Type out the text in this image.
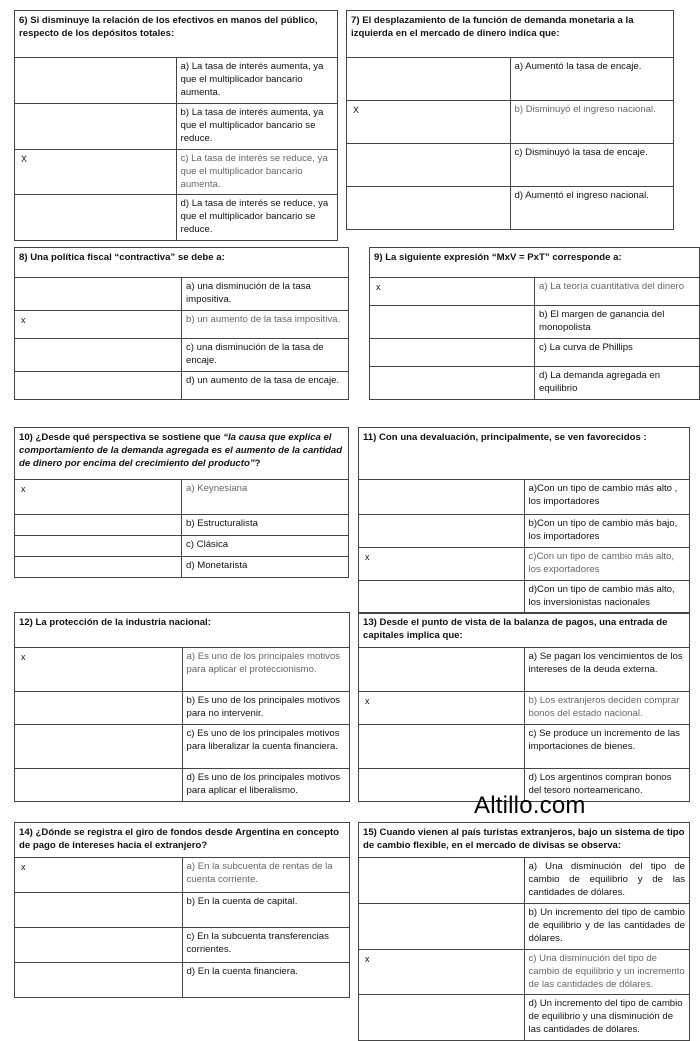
6) Si disminuye la relación de los efectivos en manos del público, respecto de los depósitos totales:	
	a) La tasa de interés aumenta, ya que el multiplicador bancario aumenta.
	b) La tasa de interés aumenta, ya que el multiplicador bancario se reduce.
X	c) La tasa de interés se reduce, ya que el multiplicador bancario aumenta.
	d) La tasa de interés se reduce, ya que el multiplicador bancario se reduce.
7) El desplazamiento de la función de demanda monetaria a la izquierda en el mercado de dinero indica que:	
	a) Aumentó la tasa de encaje.
X	b) Disminuyó el ingreso nacional.
	c) Disminuyó la tasa de encaje.
	d) Aumentó el ingreso nacional.
8) Una política fiscal “contractiva” se debe a:	
	a) una disminución de la tasa impositiva.
x	b) un aumento de la tasa impositiva.
	c) una disminución de la tasa de encaje.
	d) un aumento de la tasa de encaje.
9) La siguiente expresión “MxV = PxT” corresponde a:	
x	a) La teoría cuantitativa del dinero
	b) El margen de ganancia del monopolista
	c) La curva de Phillips
	d) La demanda agregada en equilibrio
10) ¿Desde qué perspectiva se sostiene que “la causa que explica el comportamiento de la demanda agregada es el aumento de la cantidad de dinero por encima del crecimiento del producto”?	
x	a) Keynesiana
	b) Estructuralista
	c) Clásica
	d) Monetarista
11) Con una devaluación, principalmente, se ven favorecidos :	
	a)Con un tipo de cambio más alto , los importadores
	b)Con un tipo de cambio más bajo, los importadores
x	c)Con un tipo de cambio más alto, los exportadores
	d)Con un tipo de cambio más alto, los inversionistas nacionales
12) La protección de la industria nacional:	
x	a) Es uno de los principales motivos para aplicar el proteccionismo.
	b) Es uno de los principales motivos para no intervenir.
	c) Es uno de los principales motivos para liberalizar la cuenta financiera.
	d) Es uno de los principales motivos para aplicar el liberalismo.
13) Desde el punto de vista de la balanza de pagos, una entrada de capitales implica que:	
	a) Se pagan los vencimientos de los intereses de la deuda externa.
x	b) Los extranjeros deciden comprar bonos del estado nacional.
	c) Se produce un incremento de las importaciones de bienes.
	d) Los argentinos compran bonos del tesoro norteamericano.
Altillo.com
14) ¿Dónde se registra el giro de fondos desde Argentina en concepto de pago de intereses hacia el extranjero?	
x	a) En la subcuenta de rentas de la cuenta corriente.
	b) En la cuenta de capital.
	c) En la subcuenta transferencias corrientes.
	d) En la cuenta financiera.
15) Cuando vienen al país turistas extranjeros, bajo un sistema de tipo de cambio flexible, en el mercado de divisas se observa:	
	a) Una disminución del tipo de cambio de equilibrio y de las cantidades de dólares.
	b) Un incremento del tipo de cambio de equilibrio y de las cantidades de dólares.
x	c) Una disminución del tipo de cambio de equilibrio y un incremento de las cantidades de dólares.
	d) Un incremento del tipo de cambio de equilibrio y una disminución de las cantidades de dólares.
